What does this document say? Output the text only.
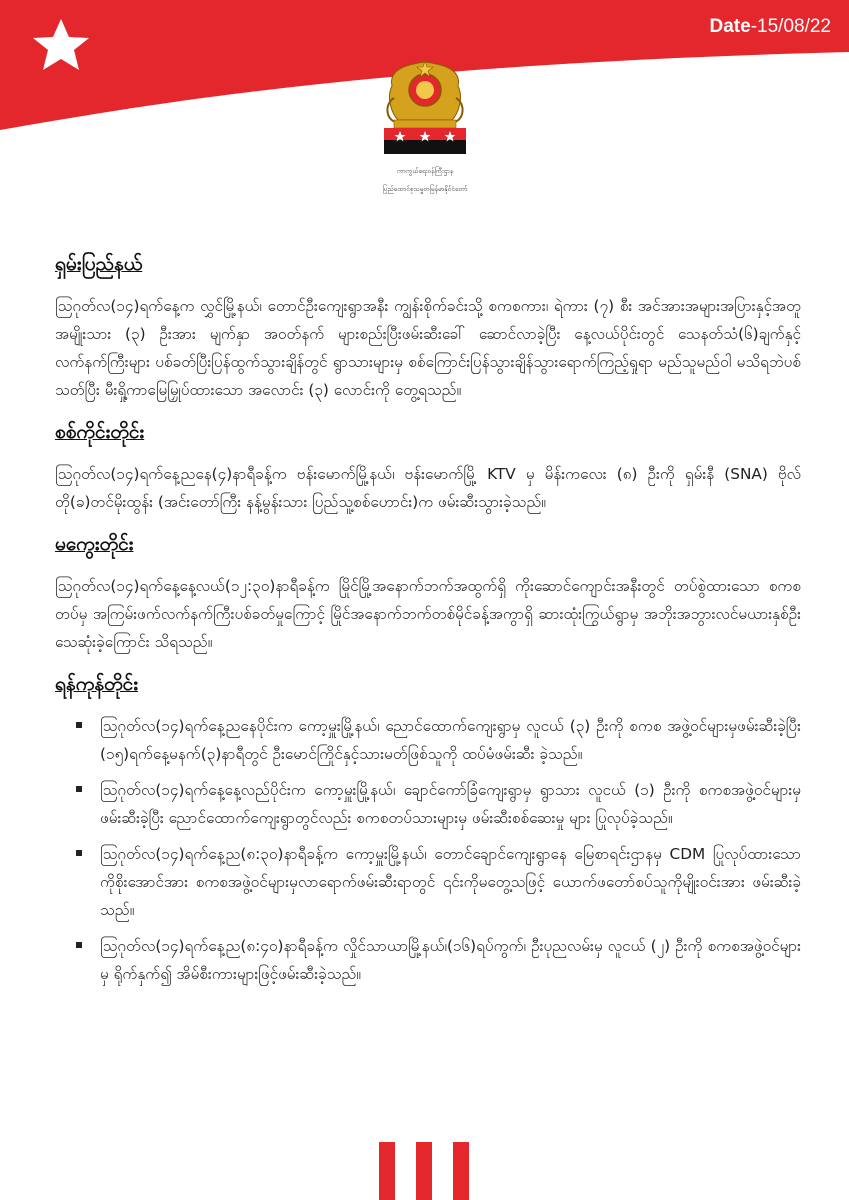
Date-15/08/22
ကာကွယ်ရေးဝန်ကြီးဌာန
ပြည်ထောင်စုသမ္မတမြန်မာနိုင်ငံတော်
ရှမ်းပြည်နယ်

ဩဂုတ်လ(၁၄)ရက်နေ့က လွှင်မြို့နယ်၊ တောင်ဦးကျေးရွာအနီး ကျွန်းစိုက်ခင်းသို့ စကစကား၊ ရဲကား (၇) စီး အင်အားအများအပြားနှင့်အတူ အမျိုးသား (၃) ဦးအား မျက်နှာ အဝတ်နက် များစည်းပြီးဖမ်းဆီးခေါ် ဆောင်လာခဲ့ပြီး နေ့လယ်ပိုင်းတွင် သေနတ်သံ(၆)ချက်နှင့်လက်နက်ကြီးများ ပစ်ခတ်ပြီးပြန်ထွက်သွားချိန်တွင် ရွာသားများမှ စစ်ကြောင်းပြန်သွားချိန်သွားရောက်ကြည့်ရှုရာ မည်သူမည်ဝါ မသိရဘဲပစ်သတ်ပြီး မီးရှို့ကာမြေမြှုပ်ထားသော အလောင်း (၃) လောင်းကို တွေ့ရသည်။

စစ်ကိုင်းတိုင်း

ဩဂုတ်လ(၁၄)ရက်နေ့ညနေ(၄)နာရီခန့်က ဗန်းမောက်မြို့နယ်၊ ဗန်းမောက်မြို့ KTV မှ မိန်းကလေး (၈) ဦးကို ရှမ်းနီ (SNA) ဗိုလ်တို(ခ)တင်မိုးထွန်း (အင်းတော်ကြီး နန့်မွန်းသား ပြည်သူ့စစ်ဟောင်း)က ဖမ်းဆီးသွားခဲ့သည်။

မကွေးတိုင်း

ဩဂုတ်လ(၁၄)ရက်နေ့နေ့လယ်(၁၂:၃၀)နာရီခန့်က မြိုင်မြို့အနောက်ဘက်အထွက်ရှိ ကိုးဆောင်ကျောင်းအနီးတွင် တပ်စွဲထားသော စကစတပ်မှ အကြမ်းဖက်လက်နက်ကြီးပစ်ခတ်မှုကြောင့် မြိုင်အနောက်ဘက်တစ်မိုင်ခန့်အကွာရှိ ဆားထုံးကြွယ်ရွာမှ အဘိုးအဘွားလင်မယားနှစ်ဦး သေဆုံးခဲ့ကြောင်း သိရသည်။

ရန်ကုန်တိုင်း
ဩဂုတ်လ(၁၄)ရက်နေ့ညနေပိုင်းက ကော့မှူးမြို့နယ်၊ ညောင်ထောက်ကျေးရွာမှ လူငယ် (၃) ဦးကို စကစ အဖွဲ့ဝင်များမှဖမ်းဆီးခဲ့ပြီး (၁၅)ရက်နေ့မနက်(၃)နာရီတွင် ဦးမောင်ကြိုင်နှင့်သားမတ်ဖြစ်သူကို ထပ်မံဖမ်းဆီး ခဲ့သည်။
ဩဂုတ်လ(၁၄)ရက်နေ့နေ့လည်ပိုင်းက ကော့မှူးမြို့နယ်၊ ချောင်ကော်ခြံကျေးရွာမှ ရွာသား လူငယ် (၁) ဦးကို စကစအဖွဲ့ဝင်များမှဖမ်းဆီးခဲ့ပြီး ညောင်ထောက်ကျေးရွာတွင်လည်း စကစတပ်သားများမှ ဖမ်းဆီးစစ်ဆေးမှု များ ပြုလုပ်ခဲ့သည်။
ဩဂုတ်လ(၁၄)ရက်နေ့ည(၈:၃၀)နာရီခန့်က ကော့မှူးမြို့နယ်၊ တောင်ချောင်ကျေးရွာနေ မြေစာရင်းဌာနမှ CDM ပြုလုပ်ထားသော ကိုစိုးအောင်အား စကစအဖွဲ့ဝင်များမှလာရောက်ဖမ်းဆီးရာတွင် ၎င်းကိုမတွေ့သဖြင့် ယောက်ဖတော်စပ်သူကိုမျိုးဝင်းအား ဖမ်းဆီးခဲ့သည်။
ဩဂုတ်လ(၁၄)ရက်နေ့ည(၈:၄၀)နာရီခန့်က လှိုင်သာယာမြို့နယ်၊(၁၆)ရပ်ကွက်၊ ဦးပုညလမ်းမှ လူငယ် (၂) ဦးကို စကစအဖွဲ့ဝင်များမှ ရိုက်နှက်၍ အိမ်စီးကားများဖြင့်ဖမ်းဆီးခဲ့သည်။
